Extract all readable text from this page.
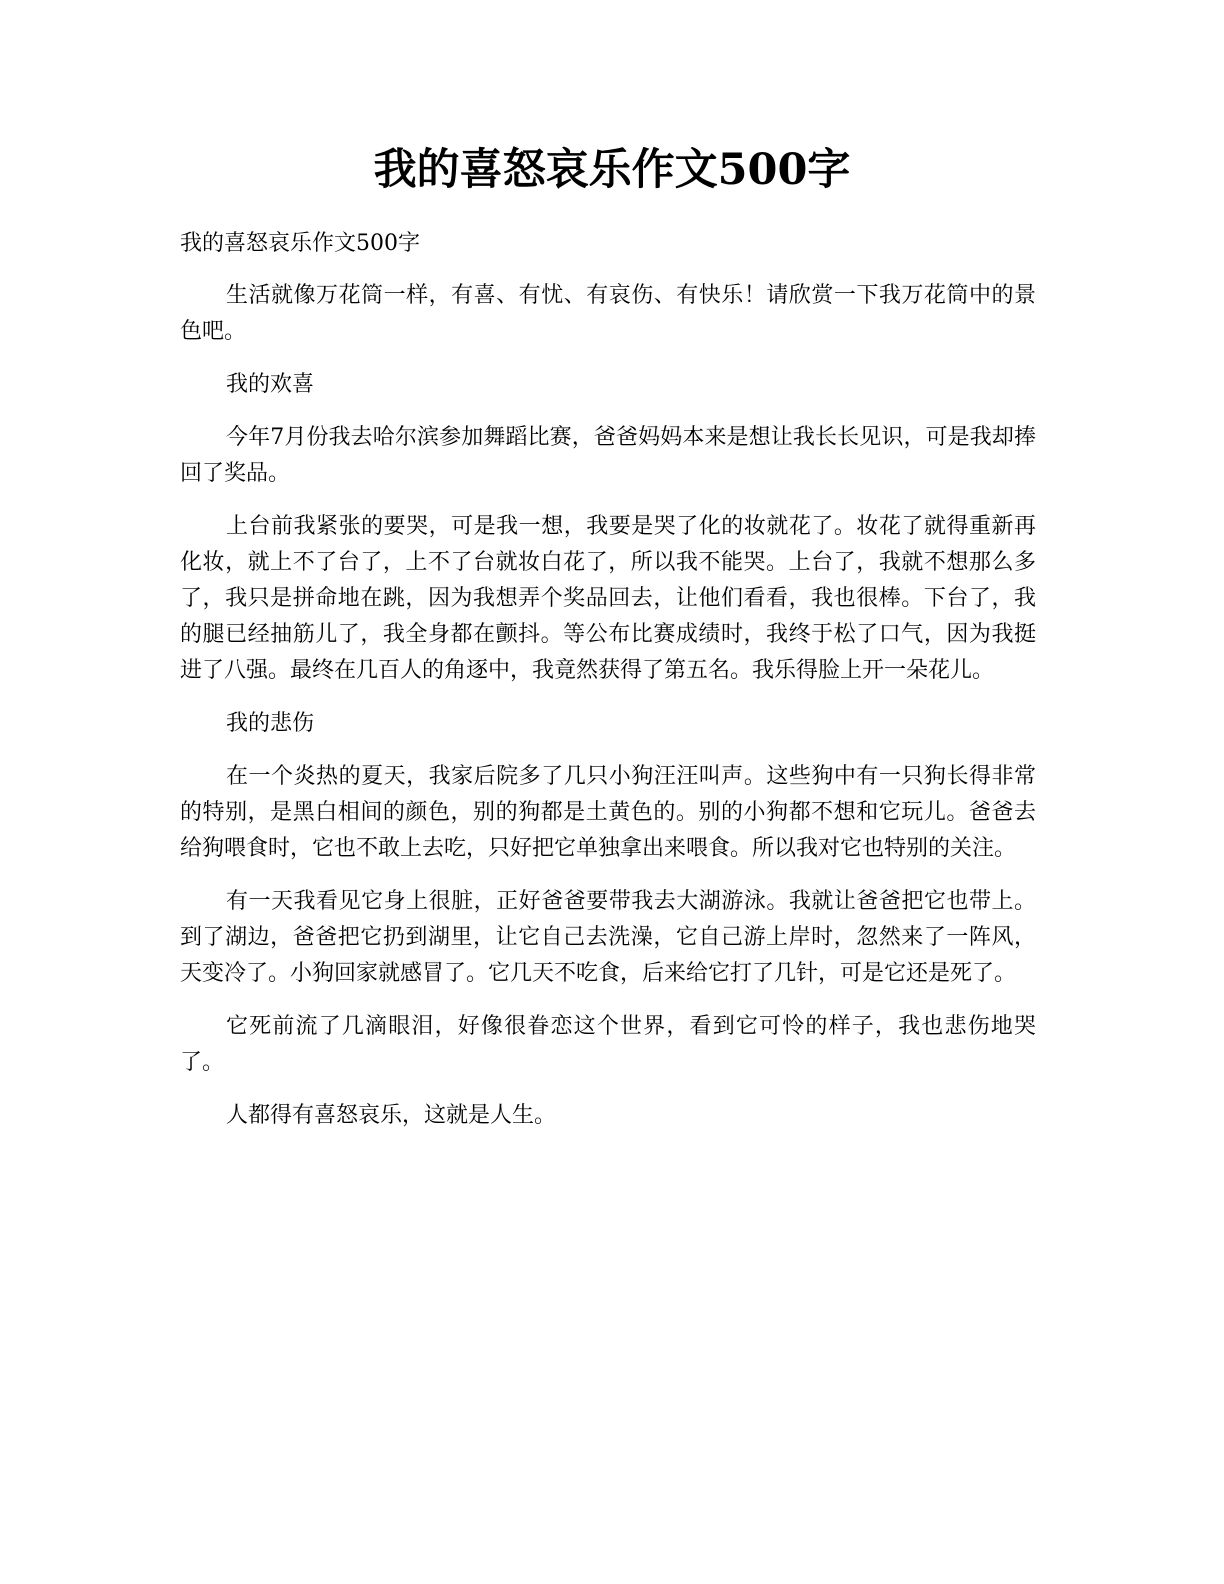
我的喜怒哀乐作文500字

我的喜怒哀乐作文500字

生活就像万花筒一样，有喜、有忧、有哀伤、有快乐！请欣赏一下我万花筒中的景色吧。

我的欢喜

今年7月份我去哈尔滨参加舞蹈比赛，爸爸妈妈本来是想让我长长见识，可是我却捧回了奖品。

上台前我紧张的要哭，可是我一想，我要是哭了化的妆就花了。妆花了就得重新再化妆，就上不了台了，上不了台就妆白花了，所以我不能哭。上台了，我就不想那么多了，我只是拼命地在跳，因为我想弄个奖品回去，让他们看看，我也很棒。下台了，我的腿已经抽筋儿了，我全身都在颤抖。等公布比赛成绩时，我终于松了口气，因为我挺进了八强。最终在几百人的角逐中，我竟然获得了第五名。我乐得脸上开一朵花儿。

我的悲伤

在一个炎热的夏天，我家后院多了几只小狗汪汪叫声。这些狗中有一只狗长得非常的特别，是黑白相间的颜色，别的狗都是土黄色的。别的小狗都不想和它玩儿。爸爸去给狗喂食时，它也不敢上去吃，只好把它单独拿出来喂食。所以我对它也特别的关注。

有一天我看见它身上很脏，正好爸爸要带我去大湖游泳。我就让爸爸把它也带上。到了湖边，爸爸把它扔到湖里，让它自己去洗澡，它自己游上岸时，忽然来了一阵风，天变冷了。小狗回家就感冒了。它几天不吃食，后来给它打了几针，可是它还是死了。

它死前流了几滴眼泪，好像很眷恋这个世界，看到它可怜的样子，我也悲伤地哭了。

人都得有喜怒哀乐，这就是人生。
